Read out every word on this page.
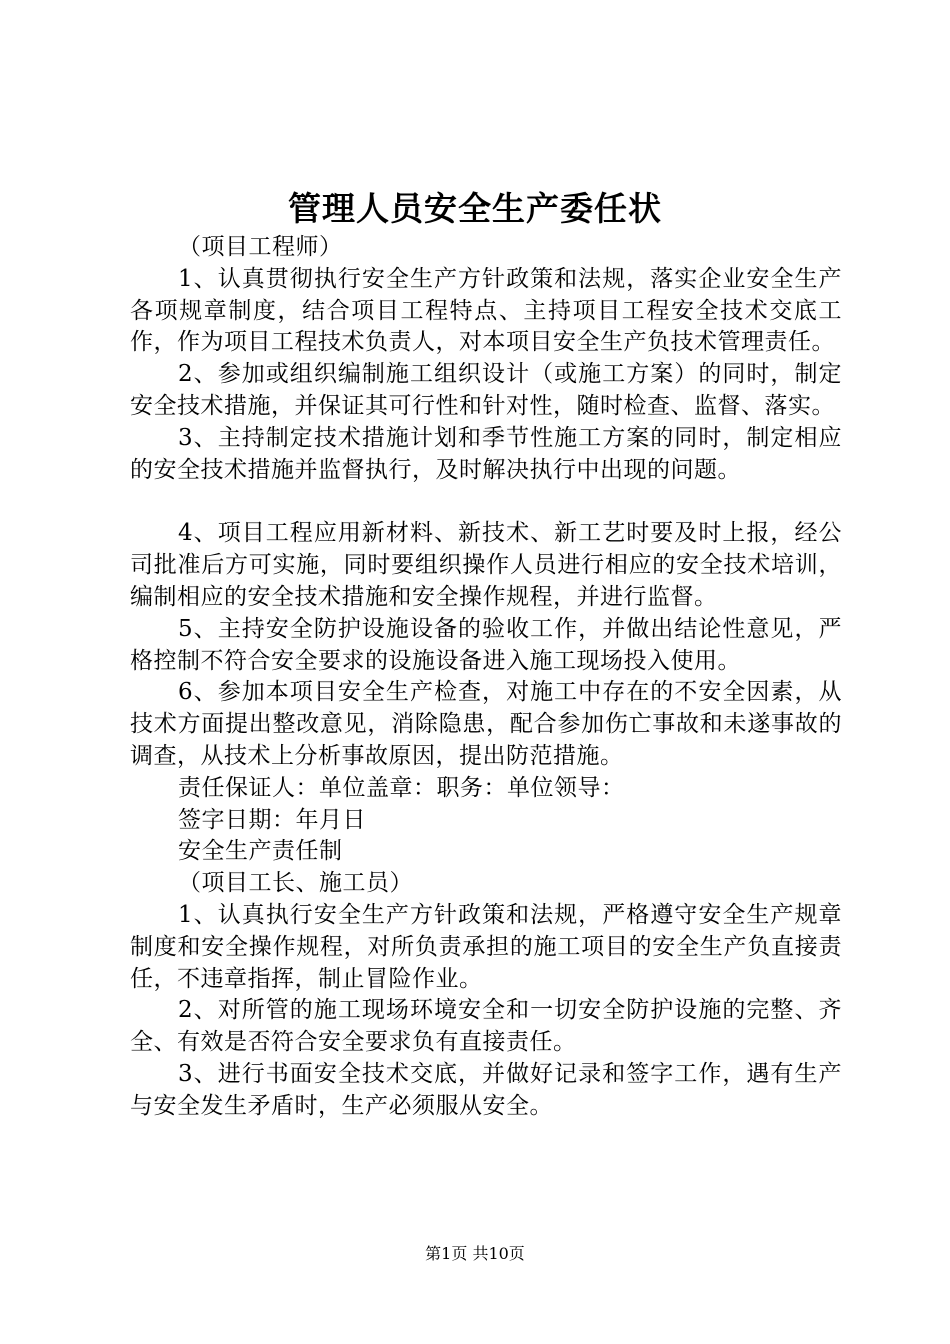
管理人员安全生产委任状

（项目工程师）

1、认真贯彻执行安全生产方针政策和法规，落实企业安全生产各项规章制度，结合项目工程特点、主持项目工程安全技术交底工作，作为项目工程技术负责人，对本项目安全生产负技术管理责任。

2、参加或组织编制施工组织设计（或施工方案）的同时，制定安全技术措施，并保证其可行性和针对性，随时检查、监督、落实。

3、主持制定技术措施计划和季节性施工方案的同时，制定相应的安全技术措施并监督执行，及时解决执行中出现的问题。

4、项目工程应用新材料、新技术、新工艺时要及时上报，经公司批准后方可实施，同时要组织操作人员进行相应的安全技术培训，编制相应的安全技术措施和安全操作规程，并进行监督。

5、主持安全防护设施设备的验收工作，并做出结论性意见，严格控制不符合安全要求的设施设备进入施工现场投入使用。

6、参加本项目安全生产检查，对施工中存在的不安全因素，从技术方面提出整改意见，消除隐患，配合参加伤亡事故和未遂事故的调查，从技术上分析事故原因，提出防范措施。

责任保证人：单位盖章：职务：单位领导：

签字日期：年月日

安全生产责任制

（项目工长、施工员）

1、认真执行安全生产方针政策和法规，严格遵守安全生产规章制度和安全操作规程，对所负责承担的施工项目的安全生产负直接责任，不违章指挥，制止冒险作业。

2、对所管的施工现场环境安全和一切安全防护设施的完整、齐全、有效是否符合安全要求负有直接责任。

3、进行书面安全技术交底，并做好记录和签字工作，遇有生产与安全发生矛盾时，生产必须服从安全。

第1页 共10页
